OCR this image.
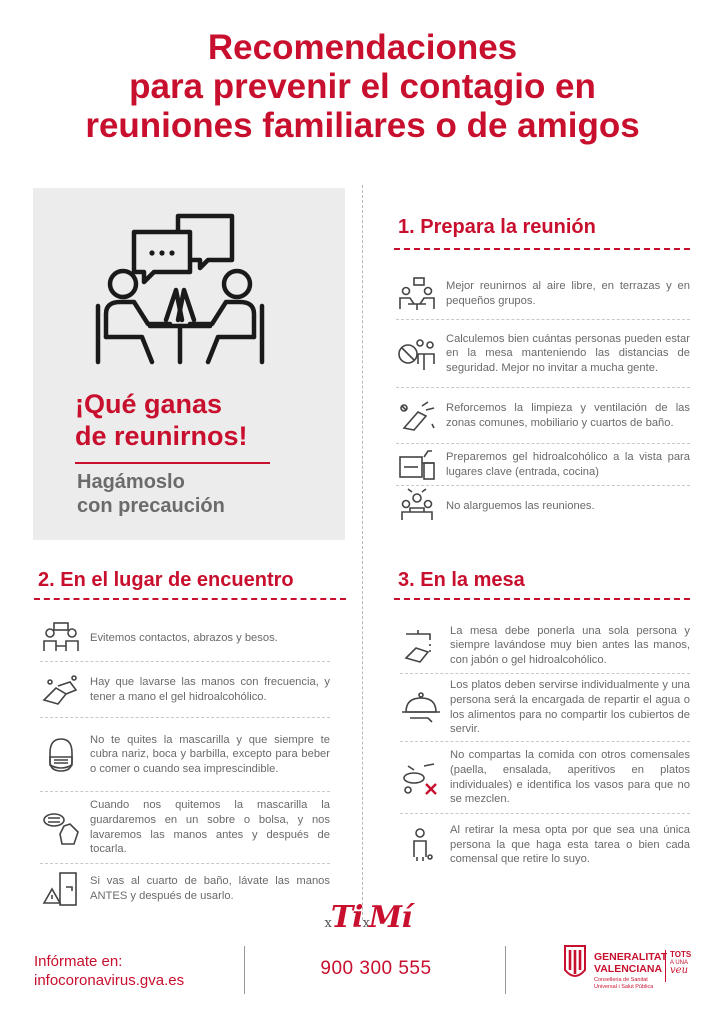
Recomendaciones
para prevenir el contagio en
reuniones familiares o de amigos
¡Qué ganas
de reunirnos!
Hagámoslo
con precaución
1. Prepara la reunión
Mejor reunirnos al aire libre, en terrazas y en pequeños grupos.
Calculemos bien cuántas personas pueden estar en la mesa manteniendo las distancias de seguridad. Mejor no invitar a mucha gente.
Reforcemos la limpieza y ventilación de las zonas comunes, mobiliario y cuartos de baño.
Preparemos gel hidroalcohólico a la vista para lugares clave (entrada, cocina)
No alarguemos las reuniones.
2. En el lugar de encuentro
Evitemos contactos, abrazos y besos.
Hay que lavarse las manos con frecuencia, y tener a mano el gel hidroalcohólico.
No te quites la mascarilla y que siempre te cubra nariz, boca y barbilla, excepto para beber o comer o cuando sea imprescindible.
Cuando nos quitemos la mascarilla la guardaremos en un sobre o bolsa, y nos lavaremos las manos antes y después de tocarla.
Si vas al cuarto de baño, lávate las manos ANTES y después de usarlo.
3. En la mesa
La mesa debe ponerla una sola persona y siempre lavándose muy bien antes las manos, con jabón o gel hidroalcohólico.
Los platos deben servirse individualmente y una persona será la encargada de repartir el agua o los alimentos para no compartir los cubiertos de servir.
No compartas la comida con otros comensales (paella, ensalada, aperitivos en platos individuales) e identifica los vasos para que no se mezclen.
Al retirar la mesa opta por que sea una única persona la que haga esta tarea o bien cada comensal que retire lo suyo.
xTixMí
Infórmate en:
infocoronavirus.gva.es
900 300 555
GENERALITAT
VALENCIANA
Conselleria de Sanitat
Universal i Salut Pública
TOTS
A UNA
veu
